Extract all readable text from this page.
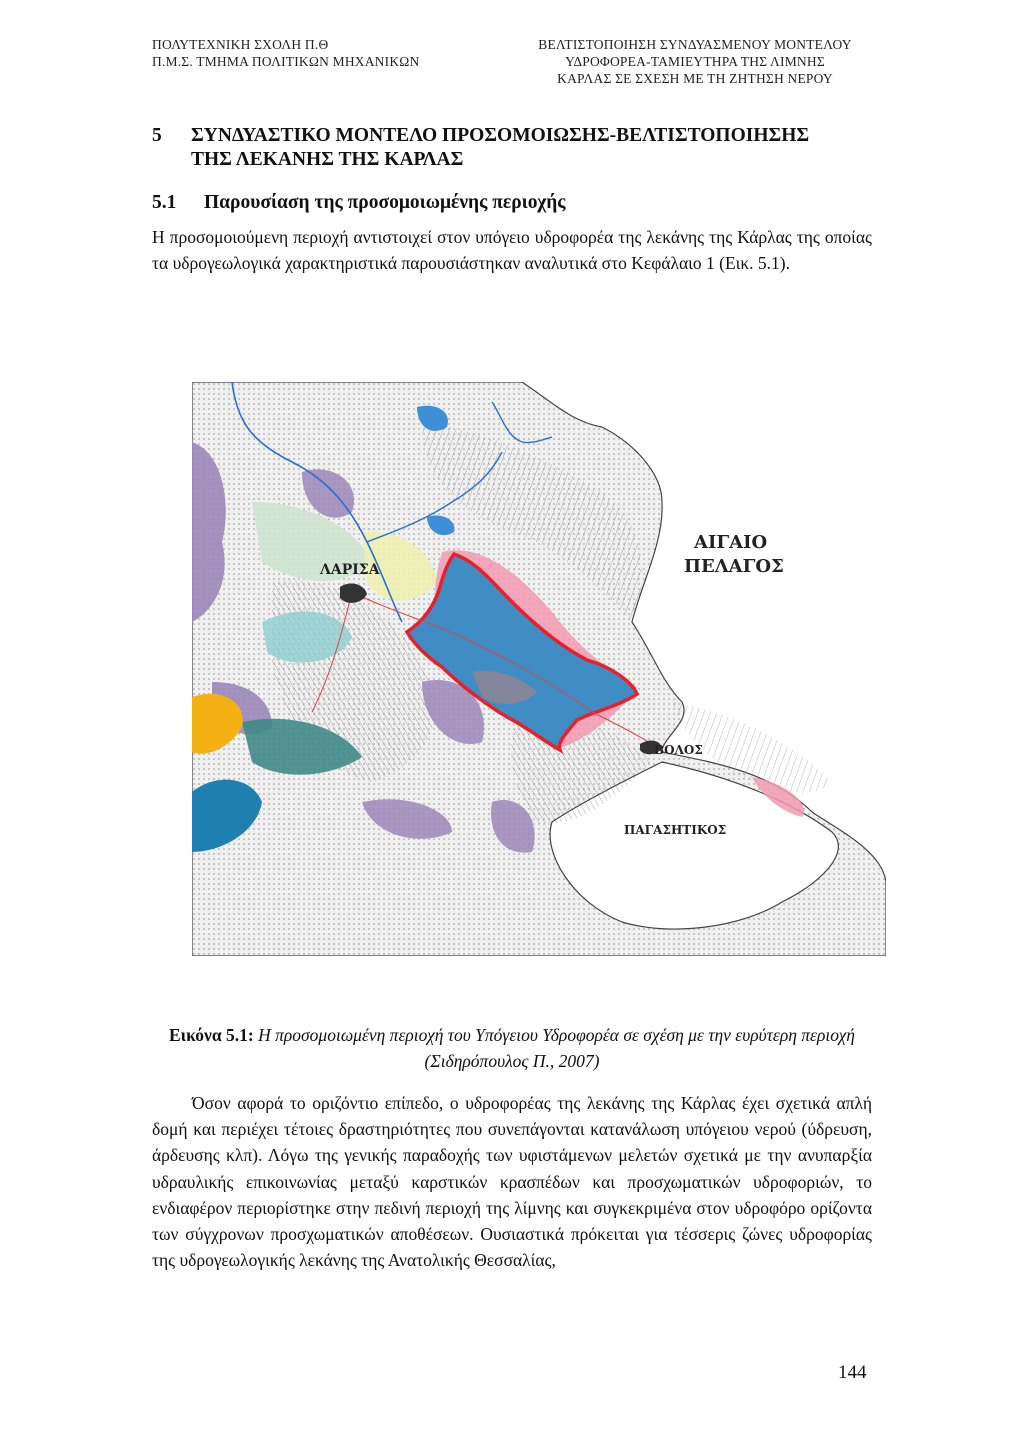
ΠΟΛΥΤΕΧΝΙΚΗ ΣΧΟΛΗ Π.Θ
Π.Μ.Σ. ΤΜΗΜΑ ΠΟΛΙΤΙΚΩΝ ΜΗΧΑΝΙΚΩΝ
ΒΕΛΤΙΣΤΟΠΟΙΗΣΗ ΣΥΝΔΥΑΣΜΕΝΟΥ ΜΟΝΤΕΛΟΥ
ΥΔΡΟΦΟΡΕΑ-ΤΑΜΙΕΥΤΗΡΑ ΤΗΣ ΛΙΜΝΗΣ
ΚΑΡΛΑΣ ΣΕ ΣΧΕΣΗ ΜΕ ΤΗ ΖΗΤΗΣΗ ΝΕΡΟΥ
5 ΣΥΝΔΥΑΣΤΙΚΟ ΜΟΝΤΕΛΟ ΠΡΟΣΟΜΟΙΩΣΗΣ-ΒΕΛΤΙΣΤΟΠΟΙΗΣΗΣ
ΤΗΣ ΛΕΚΑΝΗΣ ΤΗΣ ΚΑΡΛΑΣ
5.1 Παρουσίαση της προσομοιωμένης περιοχής

Η προσομοιούμενη περιοχή αντιστοιχεί στον υπόγειο υδροφορέα της λεκάνης της Κάρλας της οποίας τα υδρογεωλογικά χαρακτηριστικά παρουσιάστηκαν αναλυτικά στο Κεφάλαιο 1 (Εικ. 5.1).

ΑΙΓΑΙΟ
ΠΕΛΑΓΟΣ
ΛΑΡΙΣΑ
ΒΟΛΟΣ
ΠΑΓΑΣΗΤΙΚΟΣ
Εικόνα 5.1: Η προσομοιωμένη περιοχή του Υπόγειου Υδροφορέα σε σχέση με την ευρύτερη περιοχή (Σιδηρόπουλος Π., 2007)

Όσον αφορά το οριζόντιο επίπεδο, ο υδροφορέας της λεκάνης της Κάρλας έχει σχετικά απλή δομή και περιέχει τέτοιες δραστηριότητες που συνεπάγονται κατανάλωση υπόγειου νερού (ύδρευση, άρδευσης κλπ). Λόγω της γενικής παραδοχής των υφιστάμενων μελετών σχετικά με την ανυπαρξία υδραυλικής επικοινωνίας μεταξύ καρστικών κρασπέδων και προσχωματικών υδροφοριών, το ενδιαφέρον περιορίστηκε στην πεδινή περιοχή της λίμνης και συγκεκριμένα στον υδροφόρο ορίζοντα των σύγχρονων προσχωματικών αποθέσεων. Ουσιαστικά πρόκειται για τέσσερις ζώνες υδροφορίας της υδρογεωλογικής λεκάνης της Ανατολικής Θεσσαλίας,

144
